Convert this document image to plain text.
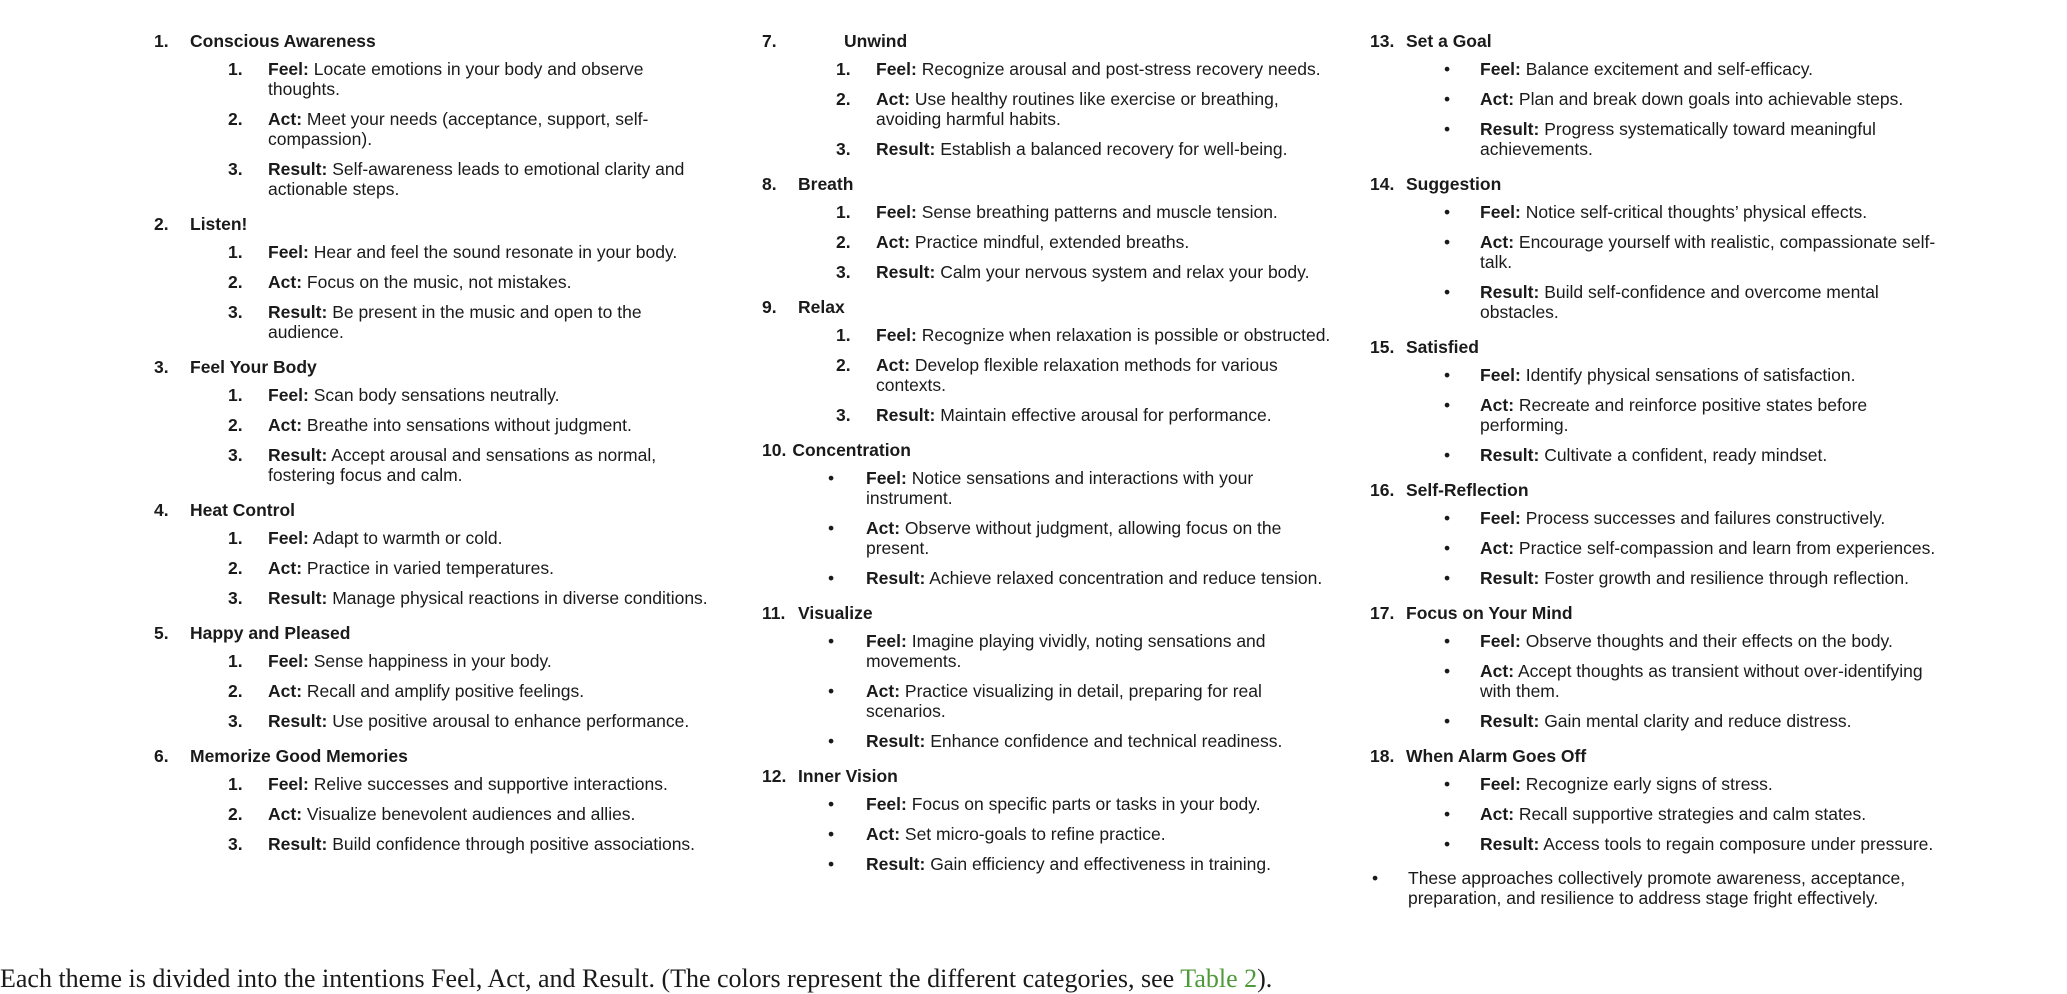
1.	Conscious Awareness
1.	Feel: Locate emotions in your body and observe thoughts.
2.	Act: Meet your needs (acceptance, support, self-compassion).
3.	Result: Self-awareness leads to emotional clarity and actionable steps.
2.	Listen!
1.	Feel: Hear and feel the sound resonate in your body.
2.	Act: Focus on the music, not mistakes.
3.	Result: Be present in the music and open to the audience.
3.	Feel Your Body
1.	Feel: Scan body sensations neutrally.
2.	Act: Breathe into sensations without judgment.
3.	Result: Accept arousal and sensations as normal, fostering focus and calm.
4.	Heat Control
1.	Feel: Adapt to warmth or cold.
2.	Act: Practice in varied temperatures.
3.	Result: Manage physical reactions in diverse conditions.
5.	Happy and Pleased
1.	Feel: Sense happiness in your body.
2.	Act: Recall and amplify positive feelings.
3.	Result: Use positive arousal to enhance performance.
6.	Memorize Good Memories
1.	Feel: Relive successes and supportive interactions.
2.	Act: Visualize benevolent audiences and allies.
3.	Result: Build confidence through positive associations.
7.	Unwind
1.	Feel: Recognize arousal and post-stress recovery needs.
2.	Act: Use healthy routines like exercise or breathing, avoiding harmful habits.
3.	Result: Establish a balanced recovery for well-being.
8.	Breath
1.	Feel: Sense breathing patterns and muscle tension.
2.	Act: Practice mindful, extended breaths.
3.	Result: Calm your nervous system and relax your body.
9.	Relax
1.	Feel: Recognize when relaxation is possible or obstructed.
2.	Act: Develop flexible relaxation methods for various contexts.
3.	Result: Maintain effective arousal for performance.
10. Concentration
•	Feel: Notice sensations and interactions with your instrument.
•	Act: Observe without judgment, allowing focus on the present.
•	Result: Achieve relaxed concentration and reduce tension.
11. Visualize
•	Feel: Imagine playing vividly, noting sensations and movements.
•	Act: Practice visualizing in detail, preparing for real scenarios.
•	Result: Enhance confidence and technical readiness.
12. Inner Vision
•	Feel: Focus on specific parts or tasks in your body.
•	Act: Set micro-goals to refine practice.
•	Result: Gain efficiency and effectiveness in training.
13. Set a Goal
•	Feel: Balance excitement and self-efficacy.
•	Act: Plan and break down goals into achievable steps.
•	Result: Progress systematically toward meaningful achievements.
14. Suggestion
•	Feel: Notice self-critical thoughts’ physical effects.
•	Act: Encourage yourself with realistic, compassionate self-talk.
•	Result: Build self-confidence and overcome mental obstacles.
15. Satisfied
•	Feel: Identify physical sensations of satisfaction.
•	Act: Recreate and reinforce positive states before performing.
•	Result: Cultivate a confident, ready mindset.
16. Self-Reflection
•	Feel: Process successes and failures constructively.
•	Act: Practice self-compassion and learn from experiences.
•	Result: Foster growth and resilience through reflection.
17. Focus on Your Mind
•	Feel: Observe thoughts and their effects on the body.
•	Act: Accept thoughts as transient without over-identifying with them.
•	Result: Gain mental clarity and reduce distress.
18. When Alarm Goes Off
•	Feel: Recognize early signs of stress.
•	Act: Recall supportive strategies and calm states.
•	Result: Access tools to regain composure under pressure.
•	These approaches collectively promote awareness, acceptance, preparation, and resilience to address stage fright effectively.
Each theme is divided into the intentions Feel, Act, and Result. (The colors represent the different categories, see Table 2).
